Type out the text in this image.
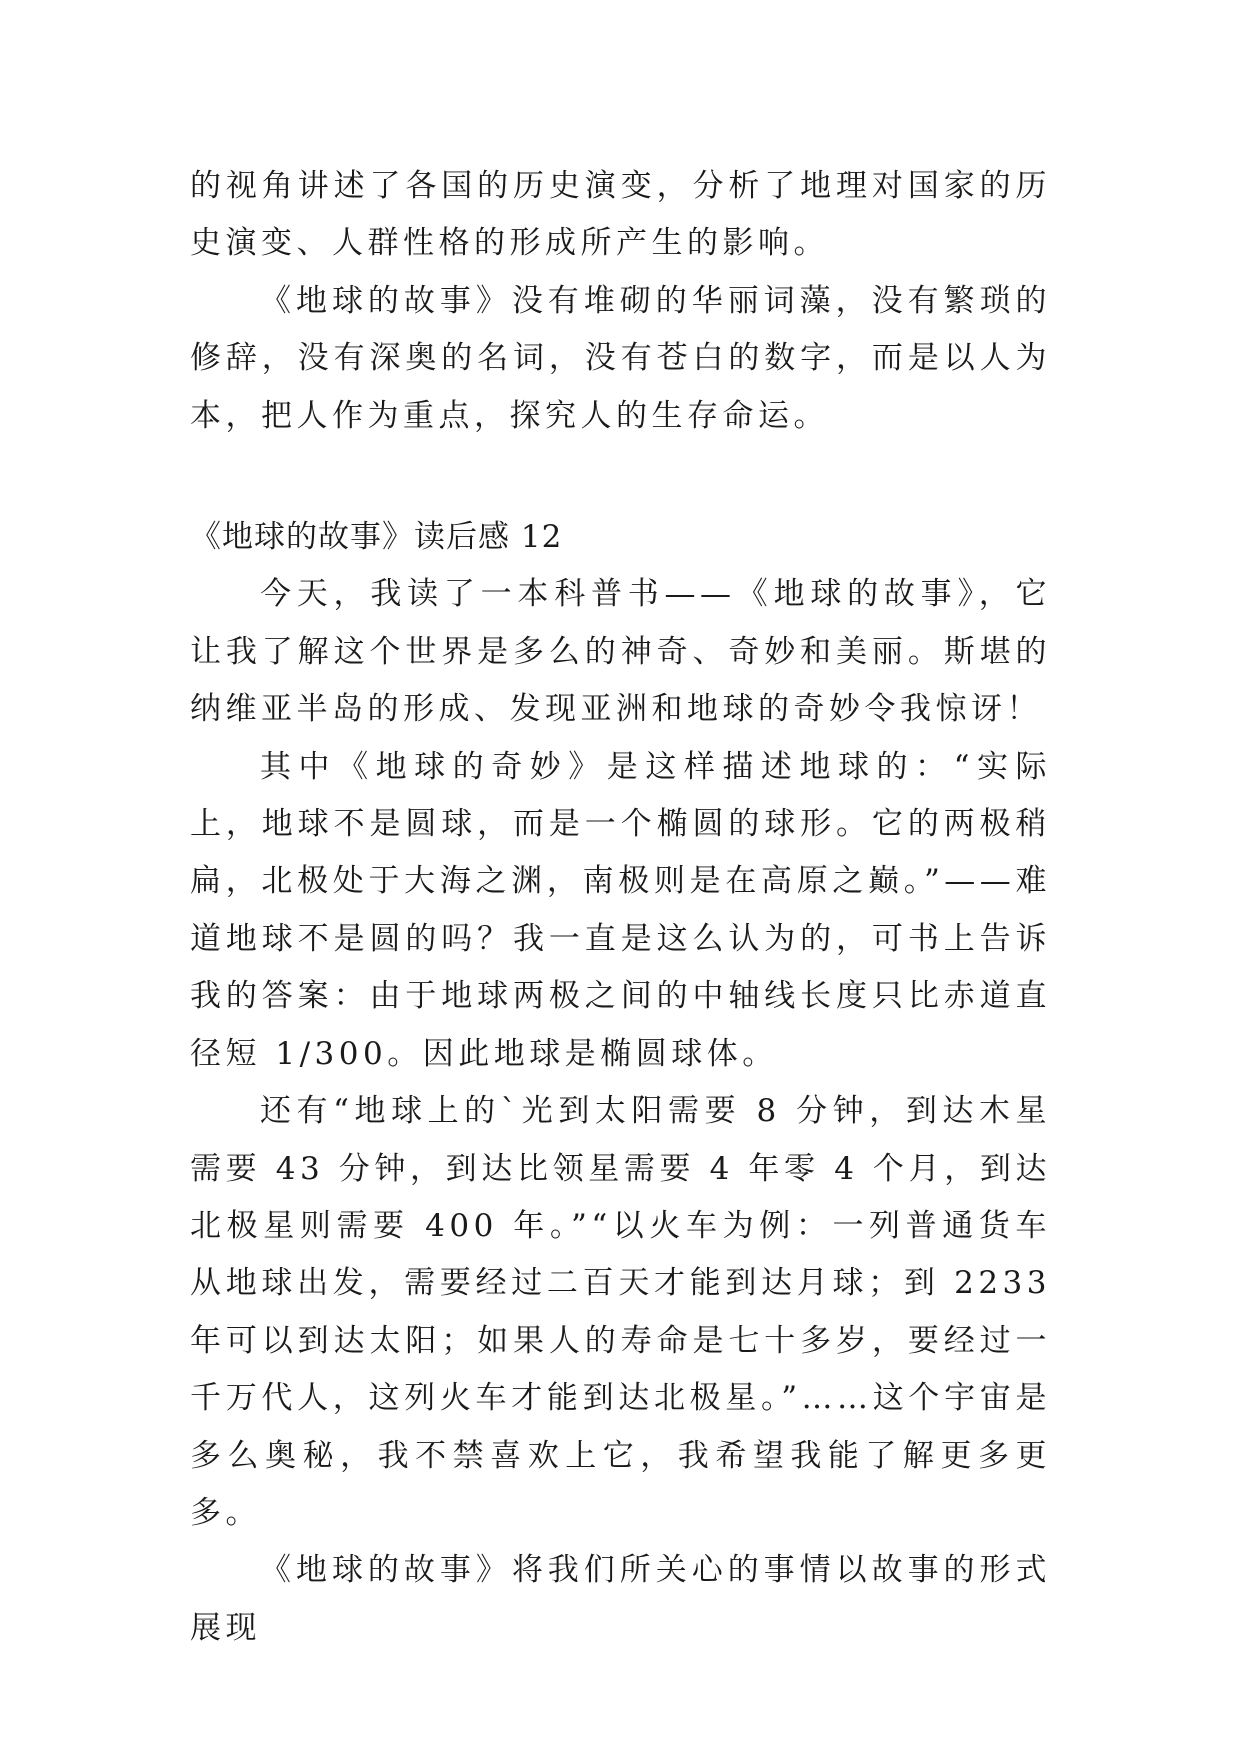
的视角讲述了各国的历史演变，分析了地理对国家的历史演变、人群性格的形成所产生的影响。

《地球的故事》没有堆砌的华丽词藻，没有繁琐的修辞，没有深奥的名词，没有苍白的数字，而是以人为本，把人作为重点，探究人的生存命运。

《地球的故事》读后感 12

今天，我读了一本科普书——《地球的故事》，它让我了解这个世界是多么的神奇、奇妙和美丽。斯堪的纳维亚半岛的形成、发现亚洲和地球的奇妙令我惊讶！

其中《地球的奇妙》是这样描述地球的：“实际上，地球不是圆球，而是一个椭圆的球形。它的两极稍扁，北极处于大海之渊，南极则是在高原之巅。”——难道地球不是圆的吗？我一直是这么认为的，可书上告诉我的答案：由于地球两极之间的中轴线长度只比赤道直径短 1/300。因此地球是椭圆球体。

还有“地球上的`光到太阳需要 8 分钟，到达木星需要 43 分钟，到达比领星需要 4 年零 4 个月，到达北极星则需要 400 年。”“以火车为例：一列普通货车从地球出发，需要经过二百天才能到达月球；到 2233 年可以到达太阳；如果人的寿命是七十多岁，要经过一千万代人，这列火车才能到达北极星。”……这个宇宙是多么奥秘，我不禁喜欢上它，我希望我能了解更多更多。

《地球的故事》将我们所关心的事情以故事的形式展现
